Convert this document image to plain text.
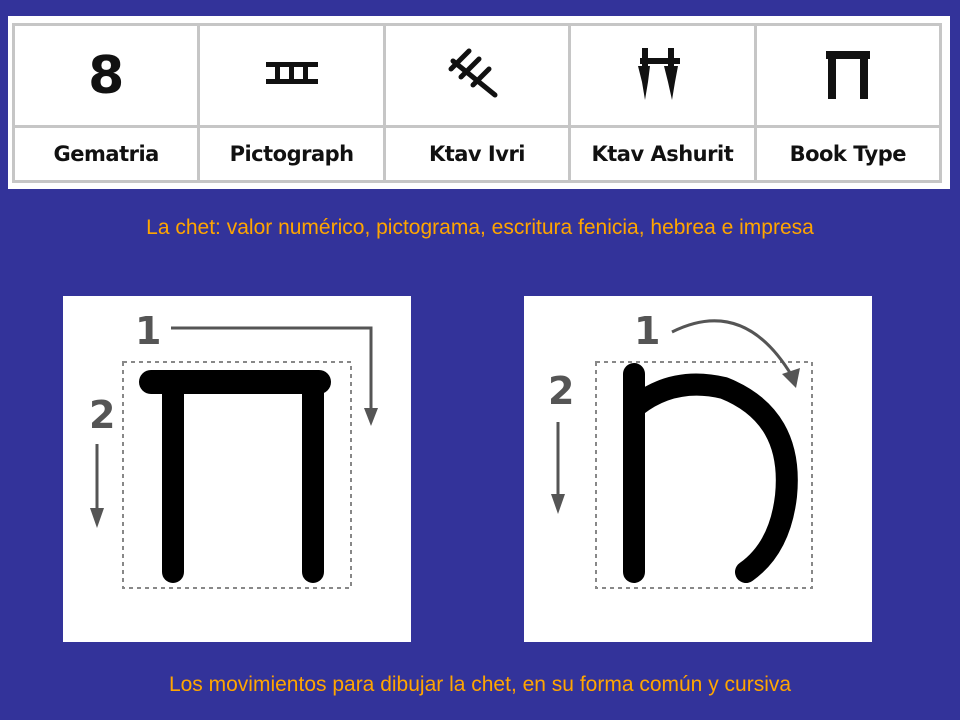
8				
Gematria	Pictograph	Ktav Ivri	Ktav Ashurit	Book Type
La chet: valor numérico, pictograma, escritura fenicia, hebrea e impresa
1
2
1
2
Los movimientos para dibujar la chet, en su forma común y cursiva
